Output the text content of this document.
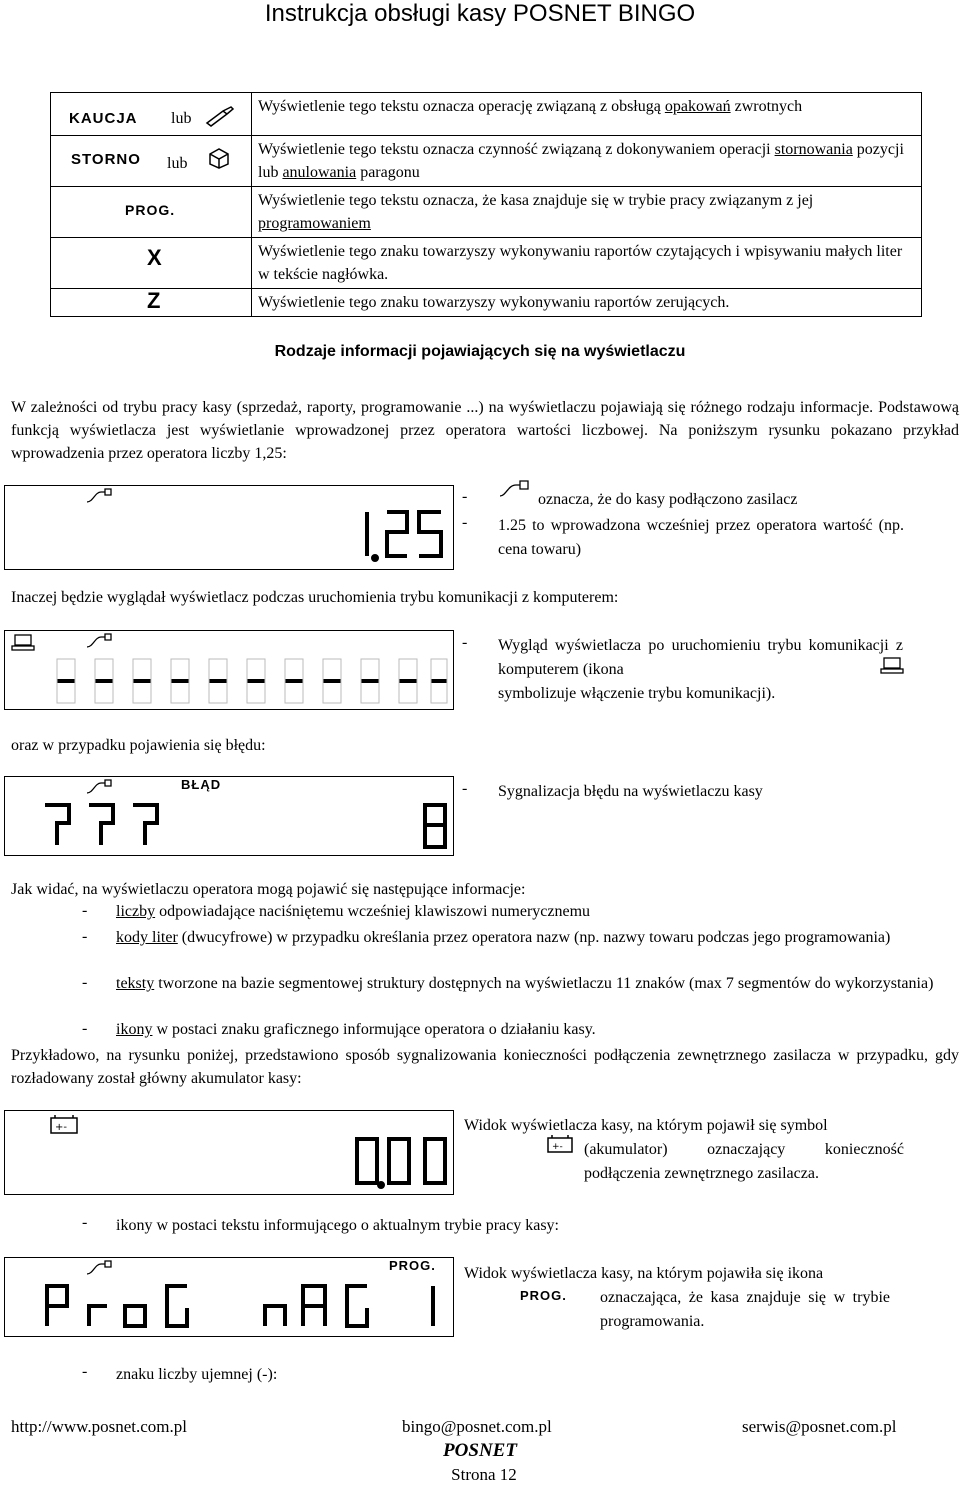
Instrukcja obsługi kasy POSNET BINGO
KAUCJA lub	Wyświetlenie tego tekstu oznacza operację związaną z obsługą opakowań zwrotnych

STORNO lub	Wyświetlenie tego tekstu oznacza czynność związaną z dokonywaniem operacji stornowania pozycji lub anulowania paragonu

PROG.	Wyświetlenie tego tekstu oznacza, że kasa znajduje się w trybie pracy związanym z jej programowaniem

X	Wyświetlenie tego znaku towarzyszy wykonywaniu raportów czytających i wpisywaniu małych liter w tekście nagłówka.

Z	Wyświetlenie tego znaku towarzyszy wykonywaniu raportów zerujących.
Rodzaje informacji pojawiających się na wyświetlaczu
W zależności od trybu pracy kasy (sprzedaż, raporty, programowanie ...) na wyświetlaczu pojawiają się różnego rodzaju informacje. Podstawową funkcją wyświetlacza jest wyświetlanie wprowadzonej przez operatora wartości liczbowej. Na poniższym rysunku pokazano przykład wprowadzenia przez operatora liczby 1,25:
1.25	-	oznacza, że do kasy podłączono zasilacz
- 1.25 to wprowadzona wcześniej przez operatora wartość (np. cena towaru)
Inaczej będzie wyglądał wyświetlacz podczas uruchomienia trybu komunikacji z komputerem:
- Wygląd wyświetlacza po uruchomieniu trybu komunikacji z komputerem (ikona
symbolizuje włączenie trybu komunikacji).
oraz w przypadku pojawienia się błędu:
BŁĄD
???	8
- Sygnalizacja błędu na wyświetlaczu kasy
Jak widać, na wyświetlaczu operatora mogą pojawić się następujące informacje:
- liczby odpowiadające naciśniętemu wcześniej klawiszowi numerycznemu
- kody liter (dwucyfrowe) w przypadku określania przez operatora nazw (np. nazwy towaru podczas jego programowania)
- teksty tworzone na bazie segmentowej struktury dostępnych na wyświetlaczu 11 znaków (max 7 segmentów do wykorzystania)
- ikony w postaci znaku graficznego informujące operatora o działaniu kasy.
Przykładowo, na rysunku poniżej, przedstawiono sposób sygnalizowania konieczności podłączenia zewnętrznego zasilacza w przypadku, gdy rozładowany został główny akumulator kasy:
+-
0.00	Widok wyświetlacza kasy, na którym pojawił się symbol
+- (akumulator) oznaczający konieczność podłączenia zewnętrznego zasilacza.
- ikony w postaci tekstu informującego o aktualnym trybie pracy kasy:
PROG.
ProG nAG 1	Widok wyświetlacza kasy, na którym pojawiła się ikona
PROG. oznaczająca, że kasa znajduje się w trybie programowania.
- znaku liczby ujemnej (-):
http://www.posnet.com.pl	bingo@posnet.com.pl	serwis@posnet.com.pl
POSNET
Strona 12
